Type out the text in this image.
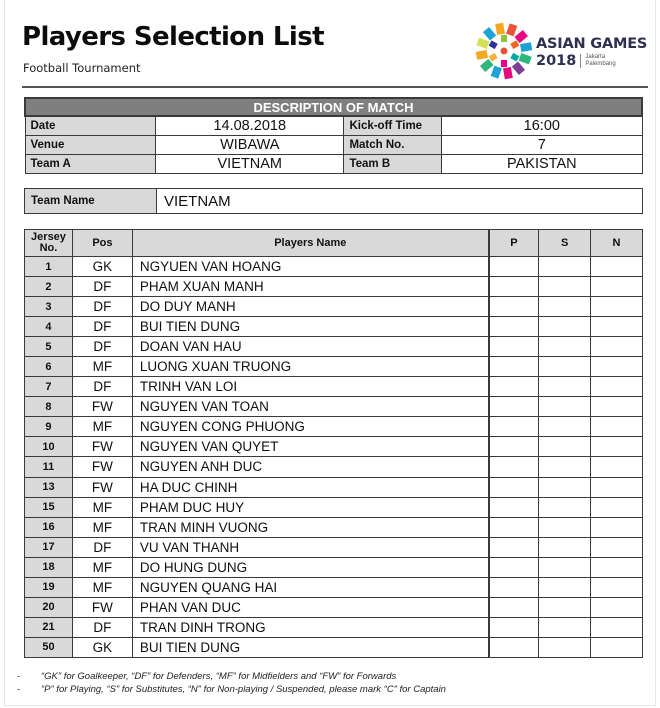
Players Selection List
Football Tournament
ASIAN GAMES
2018 Jakarta
Palembang
DESCRIPTION OF MATCH			
Date	14.08.2018	Kick-off Time	16:00
Venue	WIBAWA	Match No.	7
Team A	VIETNAM	Team B	PAKISTAN
Team Name	VIETNAM
Jersey
No.	Pos	Players Name	P	S	N
1	GK	NGYUEN VAN HOANG			
2	DF	PHAM XUAN MANH			
3	DF	DO DUY MANH			
4	DF	BUI TIEN DUNG			
5	DF	DOAN VAN HAU			
6	MF	LUONG XUAN TRUONG			
7	DF	TRINH VAN LOI			
8	FW	NGUYEN VAN TOAN			
9	MF	NGUYEN CONG PHUONG			
10	FW	NGUYEN VAN QUYET			
11	FW	NGUYEN ANH DUC			
13	FW	HA DUC CHINH			
15	MF	PHAM DUC HUY			
16	MF	TRAN MINH VUONG			
17	DF	VU VAN THANH			
18	MF	DO HUNG DUNG			
19	MF	NGUYEN QUANG HAI			
20	FW	PHAN VAN DUC			
21	DF	TRAN DINH TRONG			
50	GK	BUI TIEN DUNG			
-	“GK” for Goalkeeper, “DF” for Defenders, “MF” for Midfielders and “FW” for Forwards
-	“P” for Playing, “S” for Substitutes, “N” for Non-playing / Suspended, please mark “C” for Captain
